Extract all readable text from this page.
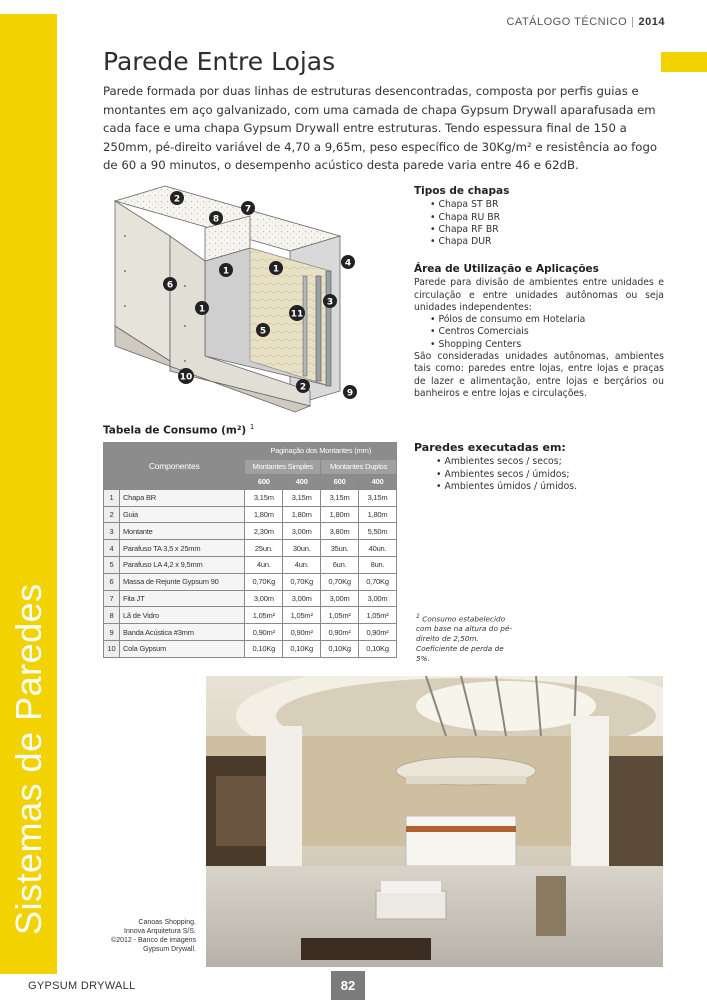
Sistemas de Paredes
CATÁLOGO TÉCNICO | 2014
Parede Entre Lojas

Parede formada por duas linhas de estruturas desencontradas, composta por perfis guias e montantes em aço galvanizado, com uma camada de chapa Gypsum Drywall aparafusada em cada face e uma chapa Gypsum Drywall entre estruturas. Tendo espessura final de 150 a 250mm, pé-direito variável de 4,70 a 9,65m, peso específico de 30Kg/m² e resistência ao fogo de 60 a 90 minutos, o desempenho acústico desta parede varia entre 46 e 62dB.

2
7
8
6
1	1
4
1
3
11
5
10
2
9
Tipos de chapas
• Chapa ST BR
• Chapa RU BR
• Chapa RF BR
• Chapa DUR
Área de Utilização e Aplicações

Parede para divisão de ambientes entre unidades e circulação e entre unidades autônomas ou seja unidades independentes:

• Pólos de consumo em Hotelaria
• Centros Comerciais
• Shopping Centers

São consideradas unidades autônomas, ambientes tais como: paredes entre lojas, entre lojas e praças de lazer e alimentação, entre lojas e berçários ou banheiros e entre lojas e circulações.

Paredes executadas em:
• Ambientes secos / secos;
• Ambientes secos / úmidos;
• Ambientes úmidos / úmidos.
Tabela de Consumo (m²) $^1$
Componentes		Paginação dos Montantes (mm)			
		Montantes Simples		Montantes Duplos	
		600	400	600	400
1	Chapa BR	3,15m	3,15m	3,15m	3,15m
2	Guia	1,80m	1,80m	1,80m	1,80m
3	Montante	2,30m	3,00m	3,80m	5,50m
4	Parafuso TA 3,5 x 25mm	25un.	30un.	35un.	40un.
5	Parafuso LA 4,2 x 9,5mm	4un.	4un.	6un.	8un.
6	Massa de Rejunte Gypsum 90	0,70Kg	0,70Kg	0,70Kg	0,70Kg
7	Fita JT	3,00m	3,00m	3,00m	3,00m
8	Lã de Vidro	1,05m²	1,05m²	1,05m²	1,05m²
9	Banda Acústica #3mm	0,90m²	0,90m²	0,90m²	0,90m²
10	Cola Gypsum	0,10Kg	0,10Kg	0,10Kg	0,10Kg
$^1$ Consumo estabelecido com base na altura do pé-direito de 2,50m. Coeficiente de perda de 5%.
Canoas Shopping.
Innova Arquitetura S/S.
©2012 - Banco de imagens
Gypsum Drywall.
GYPSUM DRYWALL	82
